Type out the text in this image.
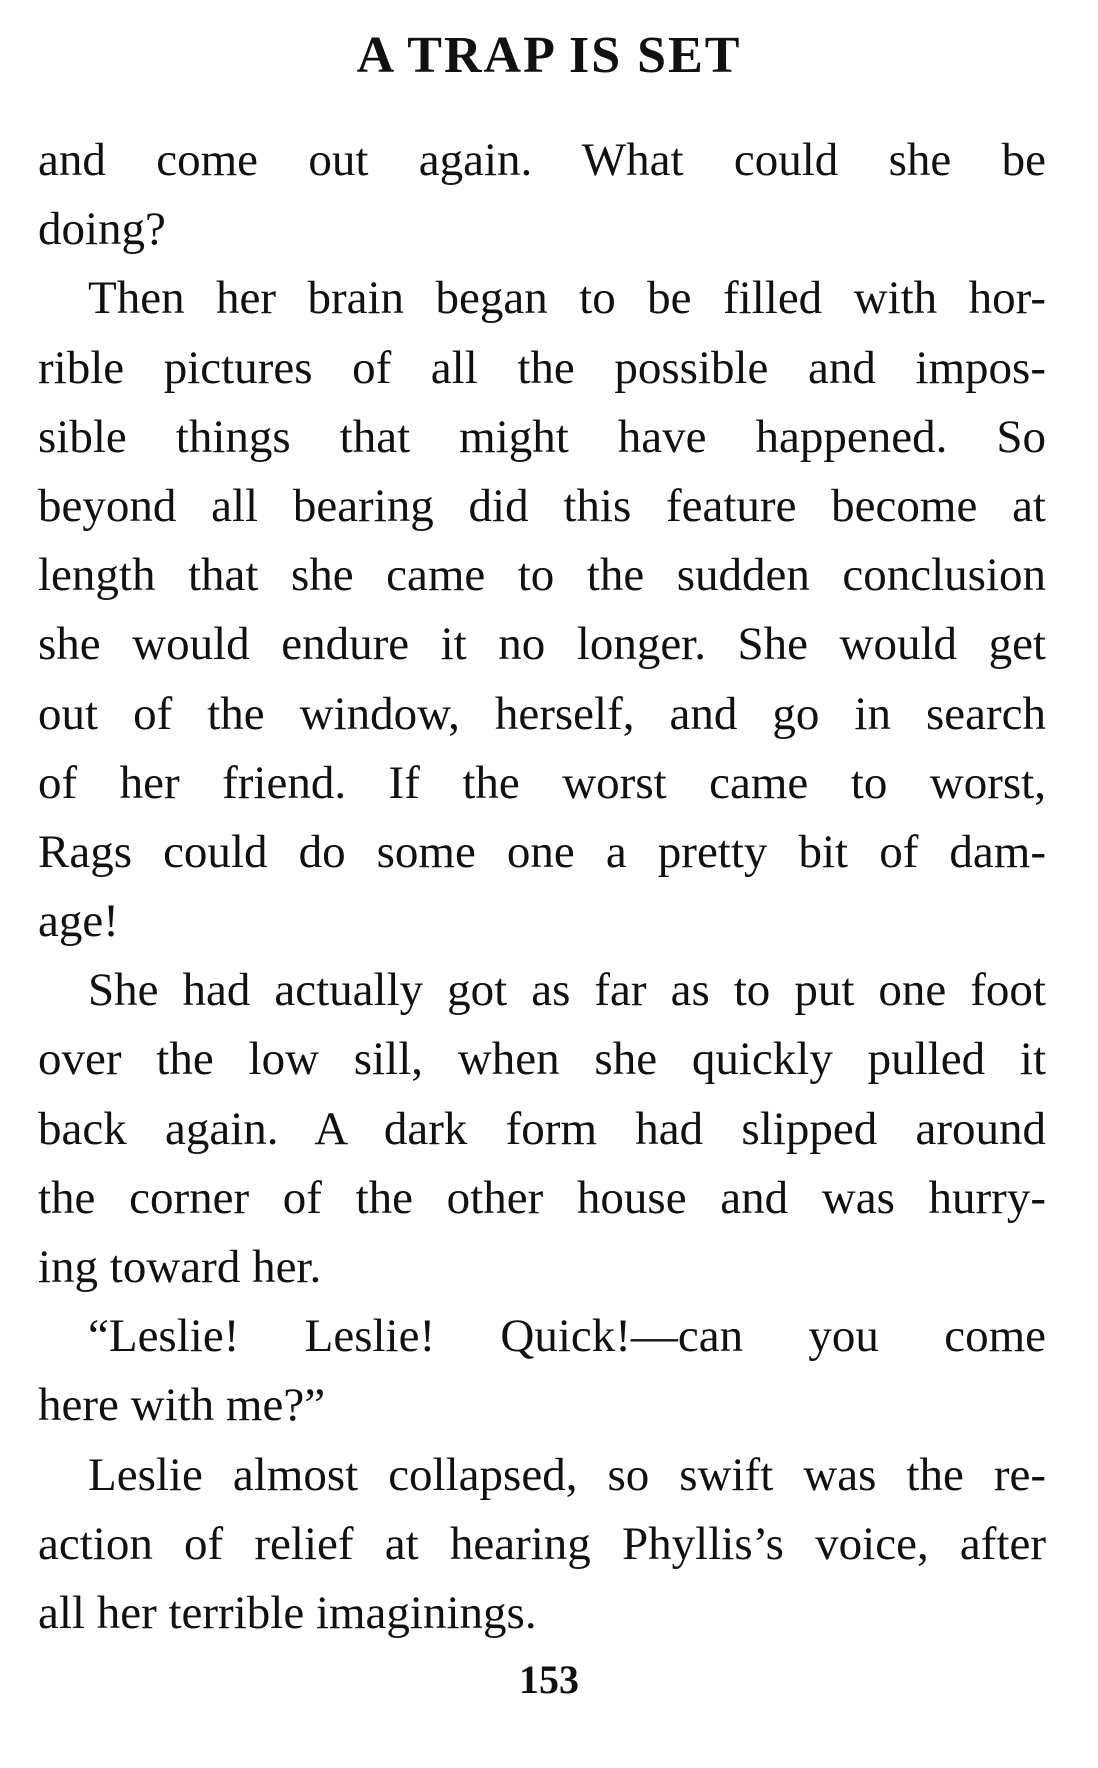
A TRAP IS SET
and come out again. What could she be
doing?
Then her brain began to be filled with hor-
rible pictures of all the possible and impos-
sible things that might have happened. So
beyond all bearing did this feature become at
length that she came to the sudden conclusion
she would endure it no longer. She would get
out of the window, herself, and go in search
of her friend. If the worst came to worst,
Rags could do some one a pretty bit of dam-
age!
She had actually got as far as to put one foot
over the low sill, when she quickly pulled it
back again. A dark form had slipped around
the corner of the other house and was hurry-
ing toward her.
“Leslie! Leslie! Quick!—can you come
here with me?”
Leslie almost collapsed, so swift was the re-
action of relief at hearing Phyllis’s voice, after
all her terrible imaginings.
153
